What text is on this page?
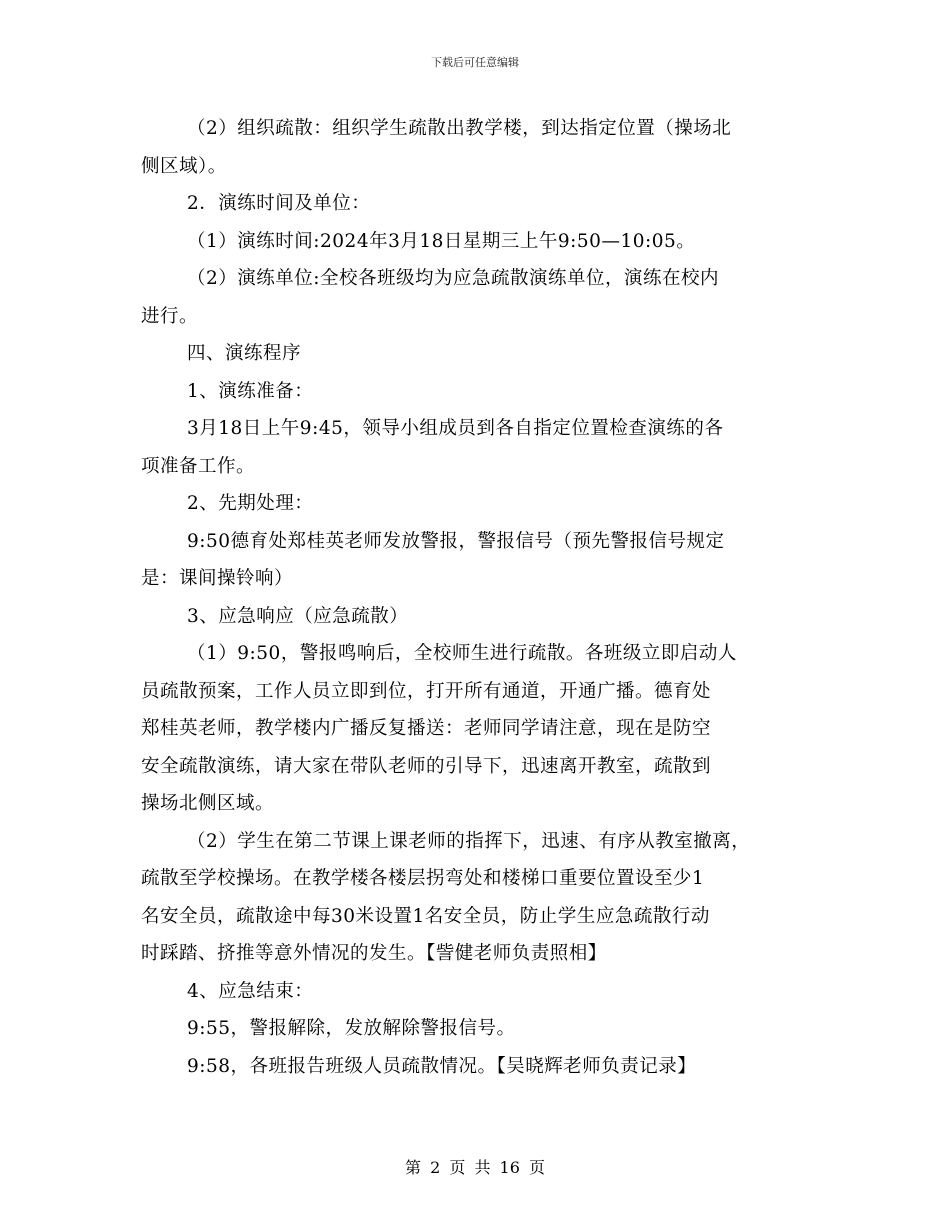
下载后可任意编辑

（2）组织疏散：组织学生疏散出教学楼，到达指定位置（操场北

侧区域）。

2．演练时间及单位：

（1）演练时间:2024年3月18日星期三上午9:50—10:05。

（2）演练单位:全校各班级均为应急疏散演练单位，演练在校内

进行。

四、演练程序

1、演练准备：

3月18日上午9:45，领导小组成员到各自指定位置检查演练的各

项准备工作。

2、先期处理：

9:50德育处郑桂英老师发放警报，警报信号（预先警报信号规定

是：课间操铃响）

3、应急响应（应急疏散）

（1）9:50，警报鸣响后，全校师生进行疏散。各班级立即启动人

员疏散预案，工作人员立即到位，打开所有通道，开通广播。德育处

郑桂英老师，教学楼内广播反复播送：老师同学请注意，现在是防空

安全疏散演练，请大家在带队老师的引导下，迅速离开教室，疏散到

操场北侧区域。

（2）学生在第二节课上课老师的指挥下，迅速、有序从教室撤离，

疏散至学校操场。在教学楼各楼层拐弯处和楼梯口重要位置设至少1

名安全员，疏散途中每30米设置1名安全员，防止学生应急疏散行动

时踩踏、挤推等意外情况的发生。【訾健老师负责照相】

4、应急结束：

9:55，警报解除，发放解除警报信号。

9:58，各班报告班级人员疏散情况。【吴晓辉老师负责记录】

第 2 页 共 16 页
